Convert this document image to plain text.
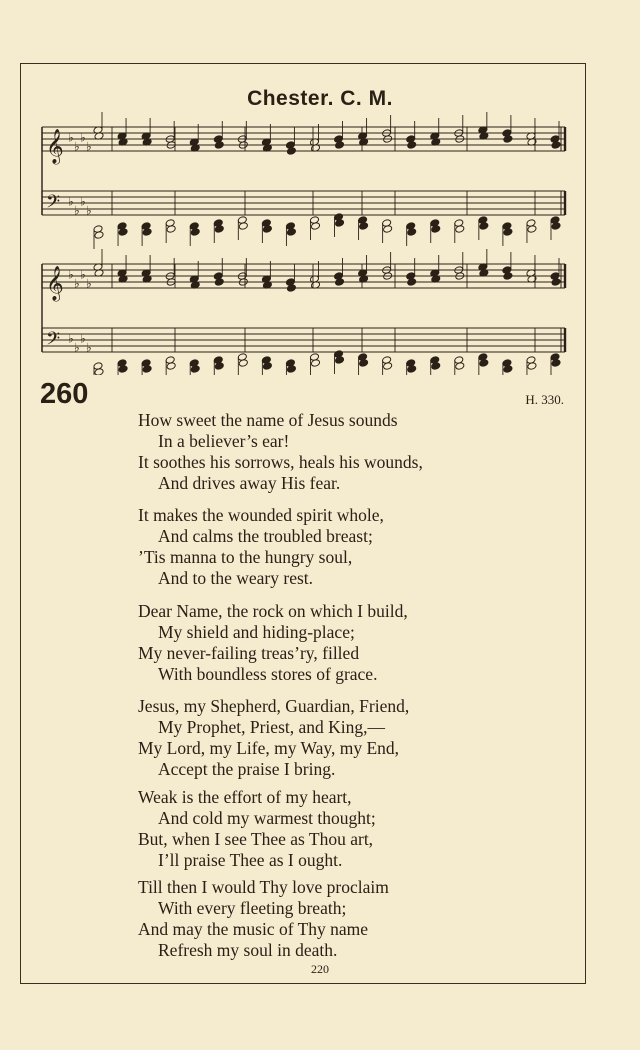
Chester. C. M.
𝄞 ♭
♭
♭
♭
𝄢 ♭
♭
♭
♭
𝄞 ♭
♭
♭
♭
𝄢 ♭
♭
♭
♭
260	H. 330.
How sweet the name of Jesus sounds
In a believer’s ear!
It soothes his sorrows, heals his wounds,
And drives away His fear.
It makes the wounded spirit whole,
And calms the troubled breast;
’Tis manna to the hungry soul,
And to the weary rest.
Dear Name, the rock on which I build,
My shield and hiding-place;
My never-failing treas’ry, filled
With boundless stores of grace.
Jesus, my Shepherd, Guardian, Friend,
My Prophet, Priest, and King,—
My Lord, my Life, my Way, my End,
Accept the praise I bring.
Weak is the effort of my heart,
And cold my warmest thought;
But, when I see Thee as Thou art,
I’ll praise Thee as I ought.
Till then I would Thy love proclaim
With every fleeting breath;
And may the music of Thy name
Refresh my soul in death.
220
